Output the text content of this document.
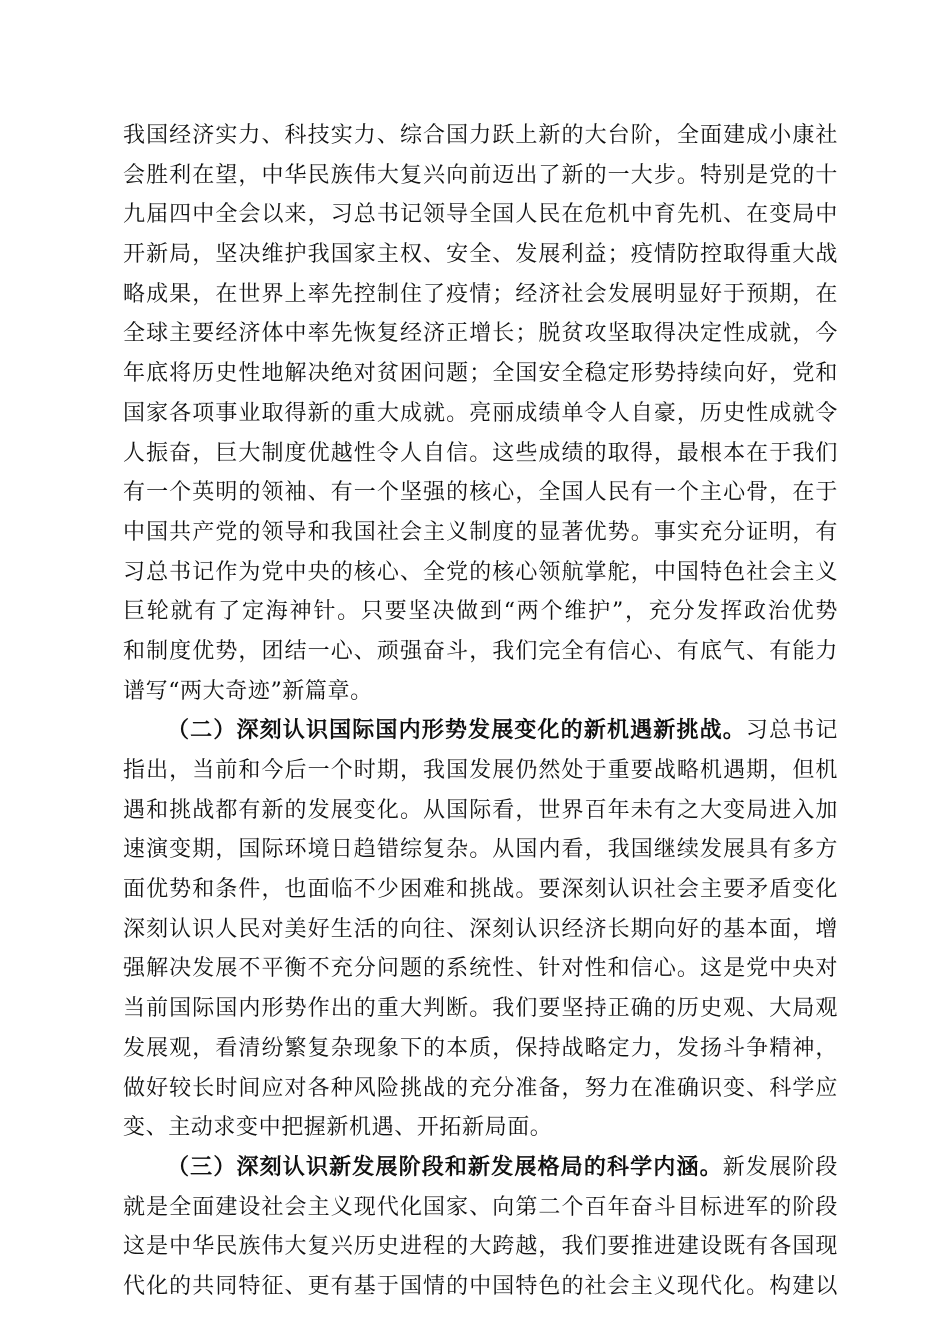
我国经济实力、科技实力、综合国力跃上新的大台阶，全面建成小康社
会胜利在望，中华民族伟大复兴向前迈出了新的一大步。特别是党的十
九届四中全会以来，习总书记领导全国人民在危机中育先机、在变局中
开新局，坚决维护我国家主权、安全、发展利益；疫情防控取得重大战
略成果，在世界上率先控制住了疫情；经济社会发展明显好于预期，在
全球主要经济体中率先恢复经济正增长；脱贫攻坚取得决定性成就，今
年底将历史性地解决绝对贫困问题；全国安全稳定形势持续向好，党和
国家各项事业取得新的重大成就。亮丽成绩单令人自豪，历史性成就令
人振奋，巨大制度优越性令人自信。这些成绩的取得，最根本在于我们
有一个英明的领袖、有一个坚强的核心，全国人民有一个主心骨，在于
中国共产党的领导和我国社会主义制度的显著优势。事实充分证明，有
习总书记作为党中央的核心、全党的核心领航掌舵，中国特色社会主义
巨轮就有了定海神针。只要坚决做到“两个维护”，充分发挥政治优势
和制度优势，团结一心、顽强奋斗，我们完全有信心、有底气、有能力
谱写“两大奇迹”新篇章。
（二）深刻认识国际国内形势发展变化的新机遇新挑战。习总书记
指出，当前和今后一个时期，我国发展仍然处于重要战略机遇期，但机
遇和挑战都有新的发展变化。从国际看，世界百年未有之大变局进入加
速演变期，国际环境日趋错综复杂。从国内看，我国继续发展具有多方
面优势和条件，也面临不少困难和挑战。要深刻认识社会主要矛盾变化
深刻认识人民对美好生活的向往、深刻认识经济长期向好的基本面，增
强解决发展不平衡不充分问题的系统性、针对性和信心。这是党中央对
当前国际国内形势作出的重大判断。我们要坚持正确的历史观、大局观
发展观，看清纷繁复杂现象下的本质，保持战略定力，发扬斗争精神，
做好较长时间应对各种风险挑战的充分准备，努力在准确识变、科学应
变、主动求变中把握新机遇、开拓新局面。
（三）深刻认识新发展阶段和新发展格局的科学内涵。新发展阶段
就是全面建设社会主义现代化国家、向第二个百年奋斗目标进军的阶段
这是中华民族伟大复兴历史进程的大跨越，我们要推进建设既有各国现
代化的共同特征、更有基于国情的中国特色的社会主义现代化。构建以
